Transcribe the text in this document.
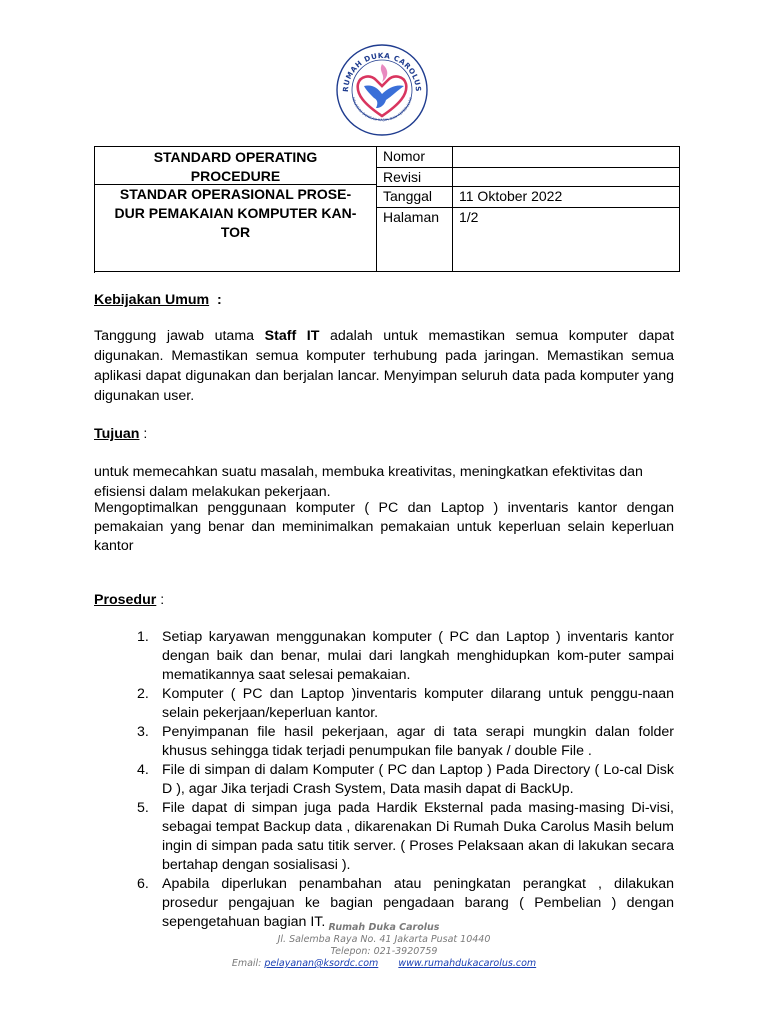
RUMAH DUKA CAROLUS
MELAYANI DENGAN KASIH DAN KEPEDULIAN
STANDARD OPERATING
PROCEDURE
STANDAR OPERASIONAL PROSE-
DUR PEMAKAIAN KOMPUTER KAN-
TOR	Nomor	
	Revisi	
	Tanggal	11 Oktober 2022
	Halaman	1/2

Kebijakan Umum  :
Tanggung jawab utama Staff IT adalah untuk memastikan semua komputer dapat digunakan. Memastikan semua komputer terhubung pada jaringan. Memastikan semua aplikasi dapat digunakan dan berjalan lancar. Menyimpan seluruh data pada komputer yang digunakan user.
Tujuan :
untuk memecahkan suatu masalah, membuka kreativitas, meningkatkan efektivitas dan efisiensi dalam melakukan pekerjaan.
Mengoptimalkan penggunaan komputer ( PC dan Laptop ) inventaris kantor dengan pemakaian yang benar dan meminimalkan pemakaian untuk keperluan selain keperluan kantor
Prosedur :
1. Setiap karyawan menggunakan komputer ( PC dan Laptop ) inventaris kantor dengan baik dan benar, mulai dari langkah menghidupkan kom-puter sampai mematikannya saat selesai pemakaian.
2. Komputer ( PC dan Laptop )inventaris komputer dilarang untuk penggu-naan selain pekerjaan/keperluan kantor.
3. Penyimpanan file hasil pekerjaan, agar di tata serapi mungkin dalan folder khusus sehingga tidak terjadi penumpukan file banyak / double File .
4. File di simpan di dalam Komputer ( PC dan Laptop ) Pada Directory ( Lo-cal Disk D ), agar Jika terjadi Crash System, Data masih dapat di BackUp.
5. File dapat di simpan juga pada Hardik Eksternal pada masing-masing Di-visi, sebagai tempat Backup data , dikarenakan Di Rumah Duka Carolus Masih belum ingin di simpan pada satu titik server. ( Proses Pelaksaan akan di lakukan secara bertahap dengan sosialisasi ).
6. Apabila diperlukan penambahan atau peningkatan perangkat , dilakukan prosedur pengajuan ke bagian pengadaan barang ( Pembelian ) dengan sepengetahuan bagian IT. Rumah Duka Carolus
Jl. Salemba Raya No. 41 Jakarta Pusat 10440
Telepon: 021-3920759
Email: pelayanan@ksordc.com www.rumahdukacarolus.com
